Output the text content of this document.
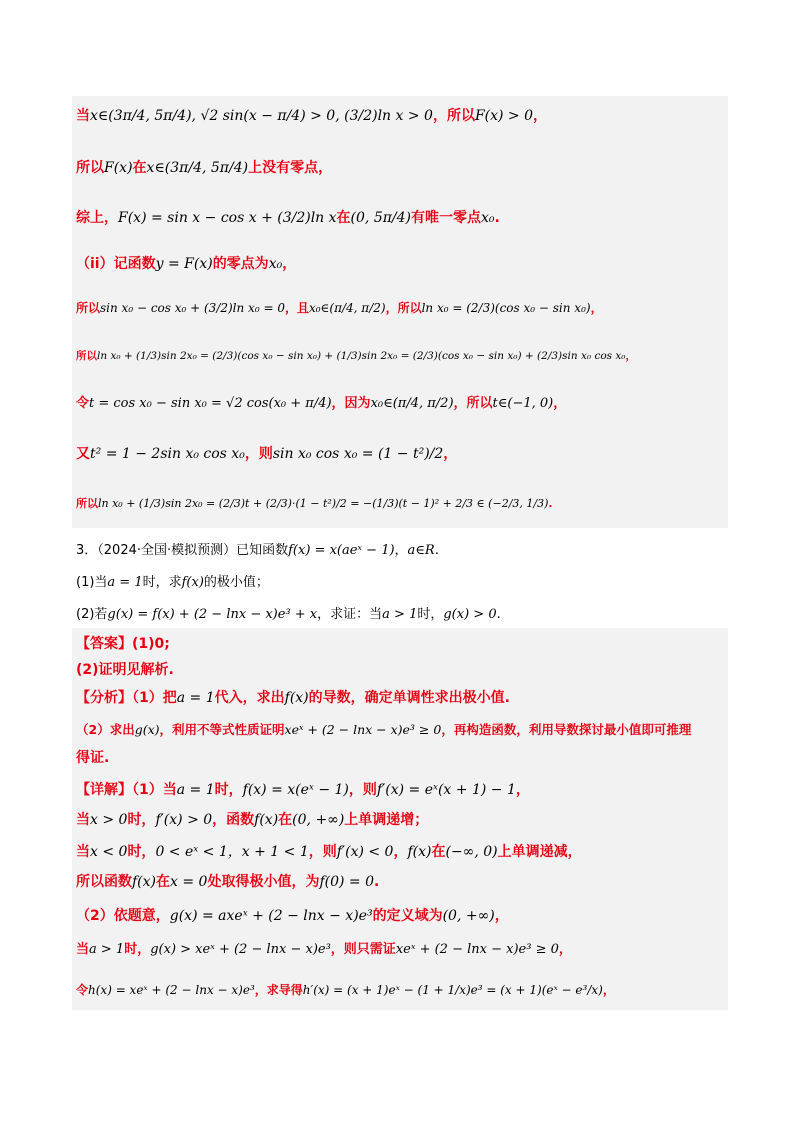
当x∈(3π/4, 5π/4), √2 sin(x − π/4) > 0, (3/2)ln x > 0，所以F(x) > 0，
所以F(x)在x∈(3π/4, 5π/4)上没有零点，
综上，F(x) = sin x − cos x + (3/2)ln x在(0, 5π/4)有唯一零点x₀.
（ii）记函数y = F(x)的零点为x₀，
所以sin x₀ − cos x₀ + (3/2)ln x₀ = 0，且x₀∈(π/4, π/2)，所以ln x₀ = (2/3)(cos x₀ − sin x₀)，
所以ln x₀ + (1/3)sin 2x₀ = (2/3)(cos x₀ − sin x₀) + (1/3)sin 2x₀ = (2/3)(cos x₀ − sin x₀) + (2/3)sin x₀ cos x₀，
令t = cos x₀ − sin x₀ = √2 cos(x₀ + π/4)，因为x₀∈(π/4, π/2)，所以t∈(−1, 0)，
又t² = 1 − 2sin x₀ cos x₀，则sin x₀ cos x₀ = (1 − t²)/2，
所以ln x₀ + (1/3)sin 2x₀ = (2/3)t + (2/3)·(1 − t²)/2 = −(1/3)(t − 1)² + 2/3 ∈ (−2/3, 1/3).
3．（2024·全国·模拟预测）已知函数f(x) = x(aeˣ − 1)，a∈R.
(1)当a = 1时，求f(x)的极小值；
(2)若g(x) = f(x) + (2 − lnx − x)e³ + x，求证：当a > 1时，g(x) > 0.
【答案】(1)0;
(2)证明见解析.
【分析】（1）把a = 1代入，求出f(x)的导数，确定单调性求出极小值.
（2）求出g(x)，利用不等式性质证明xeˣ + (2 − lnx − x)e³ ≥ 0，再构造函数，利用导数探讨最小值即可推理
得证.
【详解】（1）当a = 1时，f(x) = x(eˣ − 1)，则f′(x) = eˣ(x + 1) − 1，
当x > 0时，f′(x) > 0，函数f(x)在(0, +∞)上单调递增；
当x < 0时，0 < eˣ < 1，x + 1 < 1，则f′(x) < 0，f(x)在(−∞, 0)上单调递减，
所以函数f(x)在x = 0处取得极小值，为f(0) = 0.
（2）依题意，g(x) = axeˣ + (2 − lnx − x)e³的定义域为(0, +∞)，
当a > 1时，g(x) > xeˣ + (2 − lnx − x)e³，则只需证xeˣ + (2 − lnx − x)e³ ≥ 0，
令h(x) = xeˣ + (2 − lnx − x)e³，求导得h′(x) = (x + 1)eˣ − (1 + 1/x)e³ = (x + 1)(eˣ − e³/x)，
